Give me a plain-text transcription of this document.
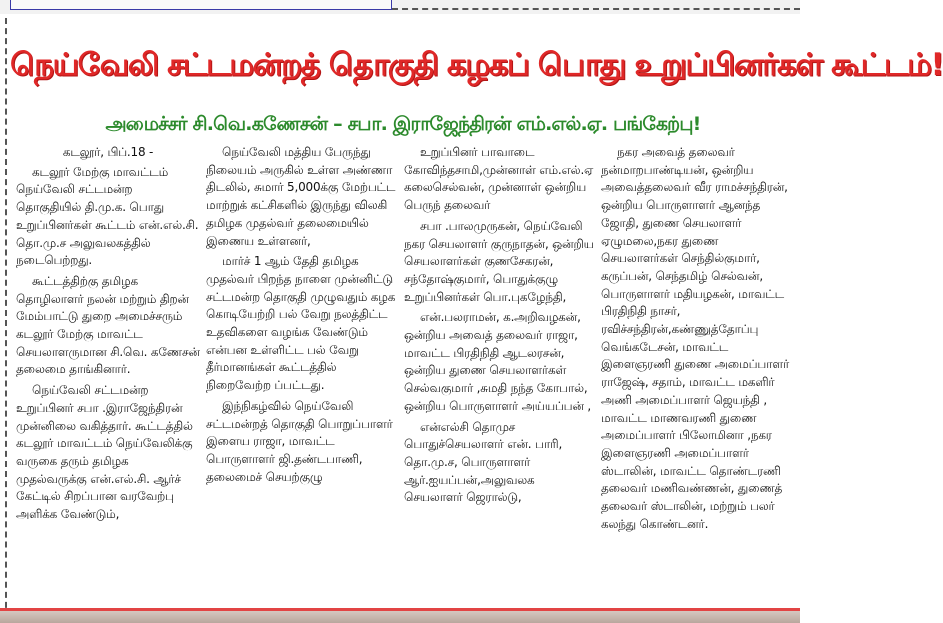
நெய்வேலி சட்டமன்றத் தொகுதி கழகப் பொது உறுப்பினர்கள் கூட்டம்!
அமைச்சர் சி.வெ.கணேசன் – சபா. இராஜேந்திரன் எம்.எல்.ஏ. பங்கேற்பு!

கடலூர், பிப்.18 -

கடலூர் மேற்கு மாவட்டம் நெய்வேலி சட்டமன்ற தொகுதியில் தி.மு.க. பொது உறுப்பினர்கள் கூட்டம் என்.எல்.சி. தொ.மு.ச அலுவலகத்தில் நடைபெற்றது.

கூட்டத்திற்கு தமிழக தொழிலாளர் நலன் மற்றும் திறன் மேம்பாட்டு துறை அமைச்சரும் கடலூர் மேற்கு மாவட்ட செயலாளருமான சி.வெ. கணேசன் தலைமை தாங்கினார்.

நெய்வேலி சட்டமன்ற உறுப்பினர் சபா .இராஜேந்திரன் முன்னிலை வகித்தார். கூட்டத்தில் கடலூர் மாவட்டம் நெய்வேலிக்கு வருகை தரும் தமிழக முதல்வருக்கு என்.எல்.சி. ஆர்ச் கேட்டில் சிறப்பான வரவேற்பு அளிக்க வேண்டும்,

நெய்வேலி மத்திய பேருந்து நிலையம் அருகில் உள்ள அண்ணா திடலில், சுமார் 5,000க்கு மேற்பட்ட மாற்றுக் கட்சிகளில் இருந்து விலகி தமிழக முதல்வர் தலைமையில் இணைய உள்ளனர்,

மார்ச் 1 ஆம் தேதி தமிழக முதல்வர் பிறந்த நாளை முன்னிட்டு சட்டமன்ற தொகுதி முழுவதும் கழக கொடியேற்றி பல் வேறு நலத்திட்ட உதவிகளை வழங்க வேண்டும் என்பன உள்ளிட்ட பல் வேறு தீர்மானங்கள் கூட்டத்தில் நிறைவேற்ற ப்பட்டது.

இந்நிகழ்வில் நெய்வேலி சட்டமன்றத் தொகுதி பொறுப்பாளர் இளைய ராஜா, மாவட்ட பொருளாளர் ஜி.தண்டபாணி, தலைமைச் செயற்குழு

உறுப்பினர் பாவாடை கோவிந்தசாமி,முன்னாள் எம்.எல்.ஏ கலைசெல்வன், முன்னாள் ஒன்றிய பெருந் தலைவர்

சபா .பாலமுருகன், நெய்வேலி நகர செயலாளர் குருநாதன், ஒன்றிய செயலாளர்கள் குணசேகரன், சந்தோஷ்குமார், பொதுக்குழு உறுப்பினர்கள் பொ.புகழேந்தி,

என்.பலராமன், க.அறிவழகன், ஒன்றிய அவைத் தலைவர் ராஜா, மாவட்ட பிரதிநிதி ஆடலரசன், ஒன்றிய துணை செயலாளர்கள் செல்வகுமார் ,சுமதி நந்த கோபால், ஒன்றிய பொருளாளர் அய்யப்பன் ,

என்எல்சி தொமுச பொதுச்செயலாளர் என். பாரி, தொ.மு.ச, பொருளாளர் ஆர்.ஐயப்பன்,அலுவலக செயலாளர் ஜெரால்டு,

நகர அவைத் தலைவர் நன்மாறபாண்டியன், ஒன்றிய அவைத்தலைவர் வீர ராமச்சந்திரன், ஒன்றிய பொருளாளர் ஆனந்த ஜோதி, துணை செயலாளர் ஏழுமலை,நகர துணை செயலாளர்கள் செந்தில்குமார், கருப்பன், செந்தமிழ் செல்வன், பொருளாளர் மதியழகன், மாவட்ட பிரதிநிதி நாசர், ரவிச்சந்திரன்,கண்ணுத்தோப்பு வெங்கடேசன், மாவட்ட இளைஞரணி துணை அமைப்பாளர் ராஜேஷ், சதாம், மாவட்ட மகளிர் அணி அமைப்பாளர் ஜெயந்தி , மாவட்ட மாணவரணி துணை அமைப்பாளர் பிலோமினா ,நகர இளைஞரணி அமைப்பாளர் ஸ்டாலின், மாவட்ட தொண்டரணி தலைவர் மணிவண்ணன், துணைத் தலைவர் ஸ்டாலின், மற்றும் பலர் கலந்து கொண்டனர்.
